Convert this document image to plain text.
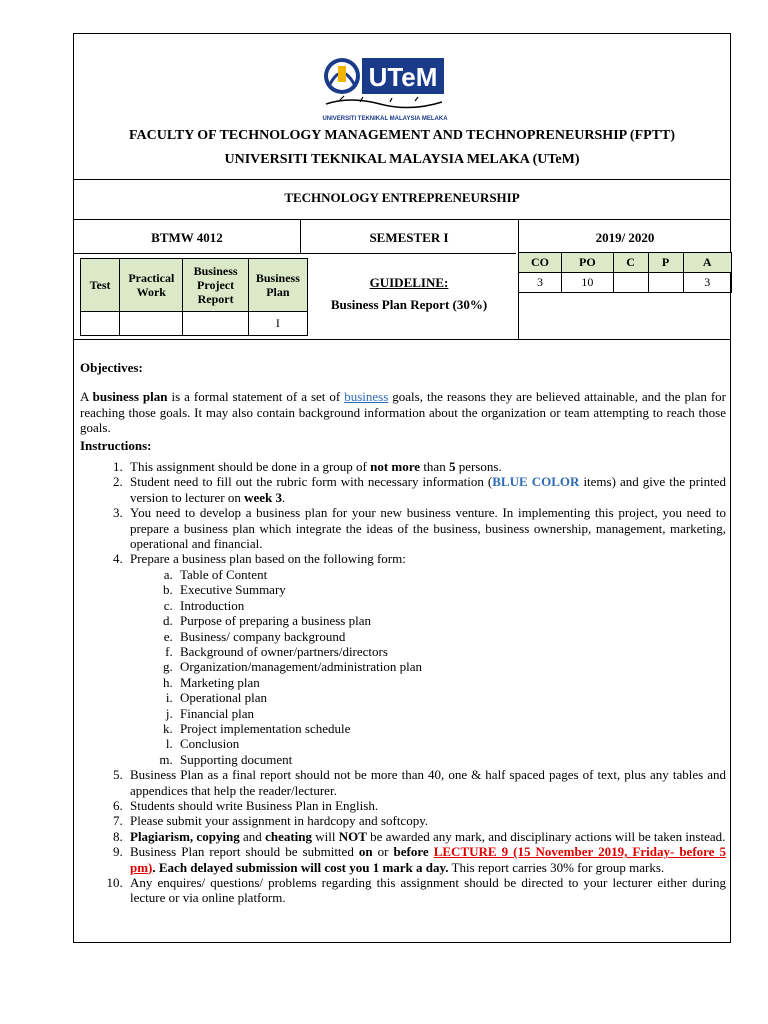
UTeM
UNIVERSITI TEKNIKAL MALAYSIA MELAKA
FACULTY OF TECHNOLOGY MANAGEMENT AND TECHNOPRENEURSHIP (FPTT)
UNIVERSITI TEKNIKAL MALAYSIA MELAKA (UTeM)
TECHNOLOGY ENTREPRENEURSHIP
BTMW 4012	SEMESTER I	2019/ 2020
Test	Practical Work	Business Project Report	Business Plan
			I
GUIDELINE:
Business Plan Report (30%)
CO	PO	C	P	A
3	10			3

Objectives:

A business plan is a formal statement of a set of business goals, the reasons they are believed attainable, and the plan for reaching those goals. It may also contain background information about the organization or team attempting to reach those goals.

Instructions:

1. This assignment should be done in a group of not more than 5 persons.
2. Student need to fill out the rubric form with necessary information (BLUE COLOR items) and give the printed version to lecturer on week 3.
3. You need to develop a business plan for your new business venture. In implementing this project, you need to prepare a business plan which integrate the ideas of the business, business ownership, management, marketing, operational and financial.
4. Prepare a business plan based on the following form:
a. Table of Content
b. Executive Summary
c. Introduction
d. Purpose of preparing a business plan
e. Business/ company background
f. Background of owner/partners/directors
g. Organization/management/administration plan
h. Marketing plan
i. Operational plan
j. Financial plan
k. Project implementation schedule
l. Conclusion
m. Supporting document
5. Business Plan as a final report should not be more than 40, one & half spaced pages of text, plus any tables and appendices that help the reader/lecturer.
6. Students should write Business Plan in English.
7. Please submit your assignment in hardcopy and softcopy.
8. Plagiarism, copying and cheating will NOT be awarded any mark, and disciplinary actions will be taken instead.
9. Business Plan report should be submitted on or before LECTURE 9 (15 November 2019, Friday- before 5 pm). Each delayed submission will cost you 1 mark a day. This report carries 30% for group marks.
10. Any enquires/ questions/ problems regarding this assignment should be directed to your lecturer either during lecture or via online platform.
